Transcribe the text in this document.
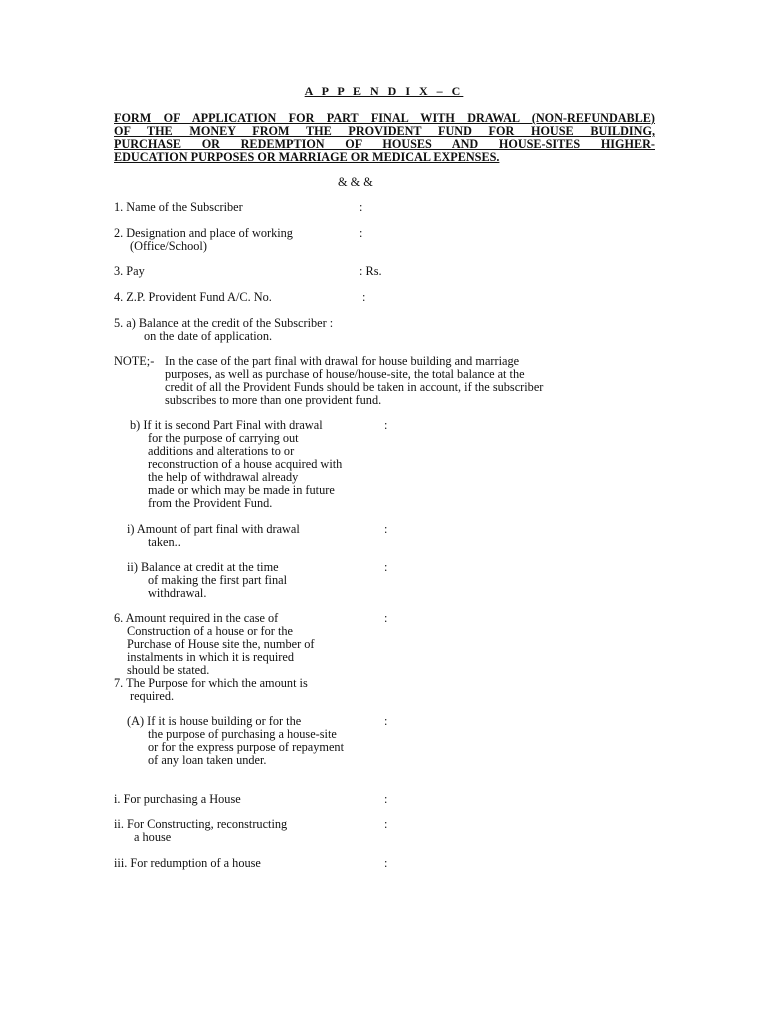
A P P E N D I X – C
FORM OF APPLICATION FOR PART FINAL WITH DRAWAL (NON-REFUNDABLE)
OF THE MONEY FROM THE PROVIDENT FUND FOR HOUSE BUILDING,
PURCHASE OR REDEMPTION OF HOUSES AND HOUSE-SITES HIGHER-
EDUCATION PURPOSES OR MARRIAGE OR MEDICAL EXPENSES.
& & &
1. Name of the Subscriber	:
2. Designation and place of working
(Office/School)
:
3. Pay	: Rs.
4. Z.P. Provident Fund A/C. No.	:
5. a) Balance at the credit of the Subscriber :
on the date of application.
NOTE;- In the case of the part final with drawal for house building and marriage
purposes, as well as purchase of house/house-site, the total balance at the
credit of all the Provident Funds should be taken in account, if the subscriber
subscribes to more than one provident fund.
b) If it is second Part Final with drawal
for the purpose of carrying out
additions and alterations to or
reconstruction of a house acquired with
the help of withdrawal already
made or which may be made in future
from the Provident Fund.
:
i) Amount of part final with drawal
taken..
:
ii) Balance at credit at the time
of making the first part final
withdrawal.
:
6. Amount required in the case of
Construction of a house or for the
Purchase of House site the, number of
instalments in which it is required
should be stated.
:
7. The Purpose for which the amount is
required.
(A) If it is house building or for the
the purpose of purchasing a house-site
or for the express purpose of repayment
of any loan taken under.
:
i. For purchasing a House	:
ii. For Constructing, reconstructing
a house
:
iii. For redumption of a house	:
